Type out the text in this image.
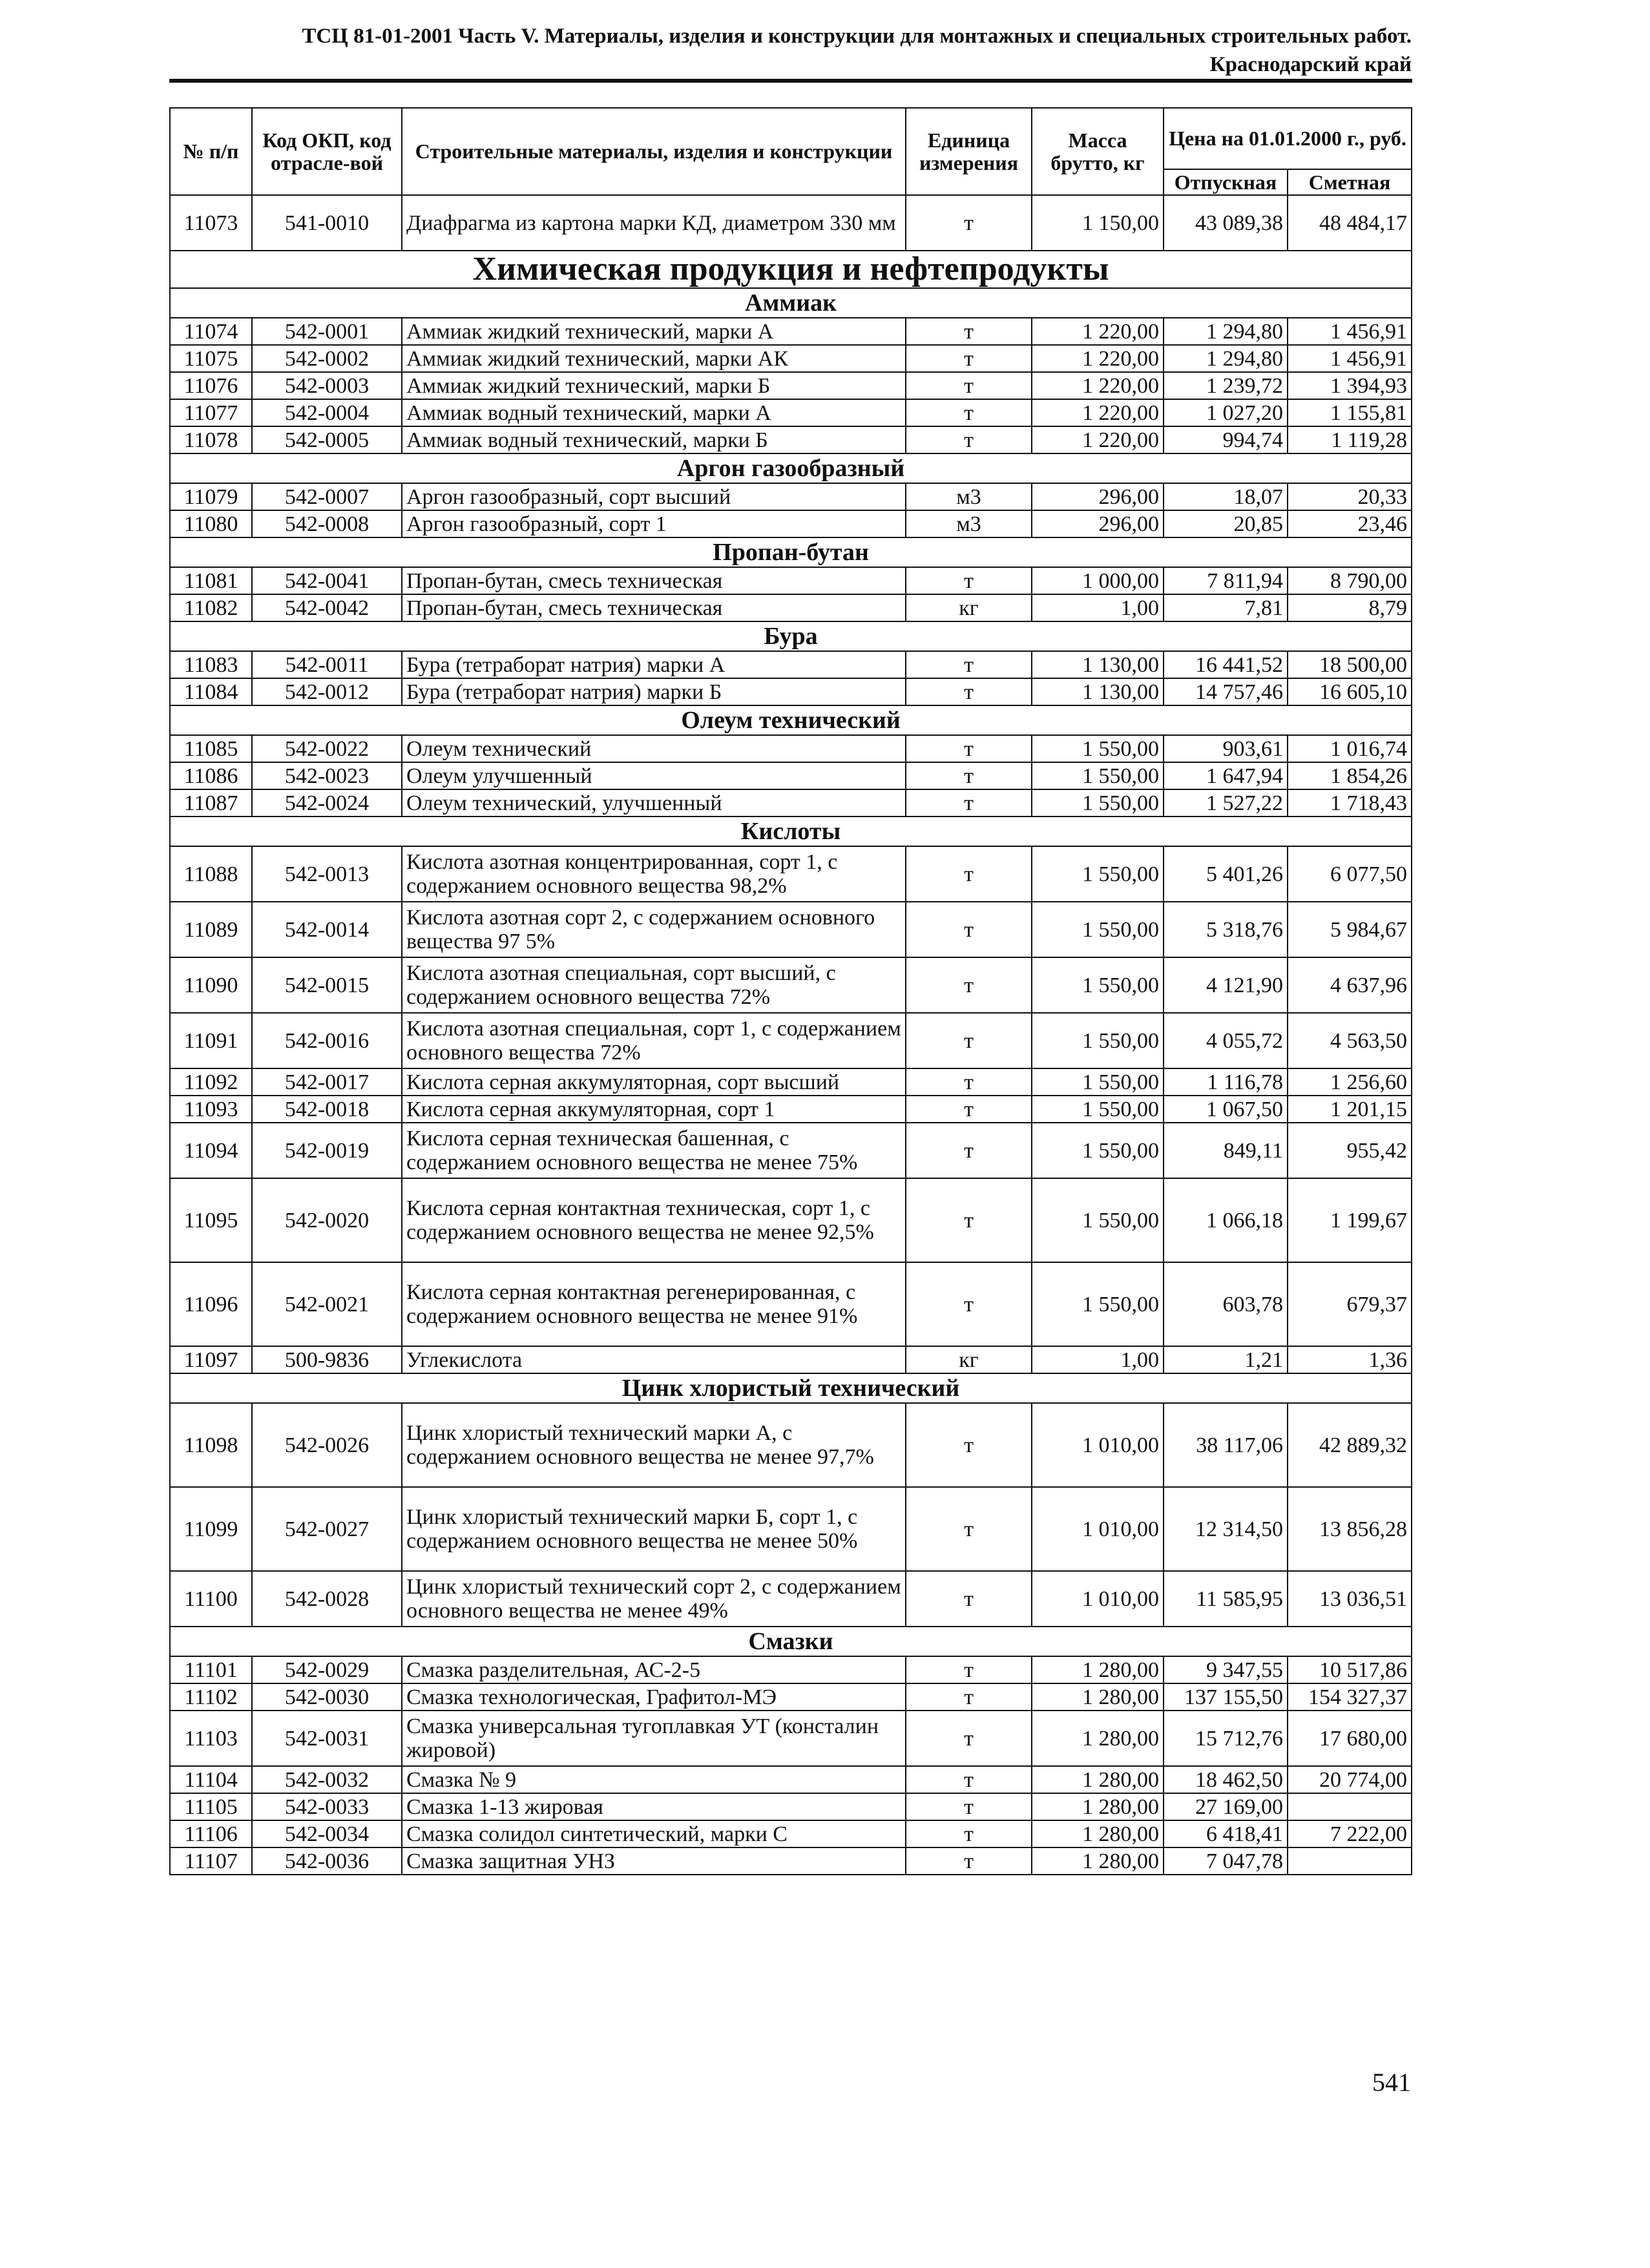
ТСЦ 81-01-2001 Часть V. Материалы, изделия и конструкции для монтажных и специальных строительных работ.
Краснодарский край
№ п/п	Код ОКП, код отрасле-вой	Строительные материалы, изделия и конструкции	Единица измерения	Масса брутто, кг	Цена на 01.01.2000 г., руб.	
					Отпускная	Сметная
11073	541-0010	Диафрагма из картона марки КД, диаметром 330 мм	т	1 150,00	43 089,38	48 484,17
Химическая продукция и нефтепродукты						
Аммиак						
11074	542-0001	Аммиак жидкий технический, марки А	т	1 220,00	1 294,80	1 456,91
11075	542-0002	Аммиак жидкий технический, марки АК	т	1 220,00	1 294,80	1 456,91
11076	542-0003	Аммиак жидкий технический, марки Б	т	1 220,00	1 239,72	1 394,93
11077	542-0004	Аммиак водный технический, марки А	т	1 220,00	1 027,20	1 155,81
11078	542-0005	Аммиак водный технический, марки Б	т	1 220,00	994,74	1 119,28
Аргон газообразный						
11079	542-0007	Аргон газообразный, сорт высший	м3	296,00	18,07	20,33
11080	542-0008	Аргон газообразный, сорт 1	м3	296,00	20,85	23,46
Пропан-бутан						
11081	542-0041	Пропан-бутан, смесь техническая	т	1 000,00	7 811,94	8 790,00
11082	542-0042	Пропан-бутан, смесь техническая	кг	1,00	7,81	8,79
Бура						
11083	542-0011	Бура (тетраборат натрия) марки А	т	1 130,00	16 441,52	18 500,00
11084	542-0012	Бура (тетраборат натрия) марки Б	т	1 130,00	14 757,46	16 605,10
Олеум технический						
11085	542-0022	Олеум технический	т	1 550,00	903,61	1 016,74
11086	542-0023	Олеум улучшенный	т	1 550,00	1 647,94	1 854,26
11087	542-0024	Олеум технический, улучшенный	т	1 550,00	1 527,22	1 718,43
Кислоты						
11088	542-0013	Кислота азотная концентрированная, сорт 1, с содержанием основного вещества 98,2%	т	1 550,00	5 401,26	6 077,50
11089	542-0014	Кислота азотная сорт 2, с содержанием основного вещества 97 5%	т	1 550,00	5 318,76	5 984,67
11090	542-0015	Кислота азотная специальная, сорт высший, с содержанием основного вещества 72%	т	1 550,00	4 121,90	4 637,96
11091	542-0016	Кислота азотная специальная, сорт 1, с содержанием основного вещества 72%	т	1 550,00	4 055,72	4 563,50
11092	542-0017	Кислота серная аккумуляторная, сорт высший	т	1 550,00	1 116,78	1 256,60
11093	542-0018	Кислота серная аккумуляторная, сорт 1	т	1 550,00	1 067,50	1 201,15
11094	542-0019	Кислота серная техническая башенная, с содержанием основного вещества не менее 75%	т	1 550,00	849,11	955,42
11095	542-0020	Кислота серная контактная техническая, сорт 1, с содержанием основного вещества не менее 92,5%	т	1 550,00	1 066,18	1 199,67
11096	542-0021	Кислота серная контактная регенерированная, с содержанием основного вещества не менее 91%	т	1 550,00	603,78	679,37
11097	500-9836	Углекислота	кг	1,00	1,21	1,36
Цинк хлористый технический						
11098	542-0026	Цинк хлористый технический марки А, с содержанием основного вещества не менее 97,7%	т	1 010,00	38 117,06	42 889,32
11099	542-0027	Цинк хлористый технический марки Б, сорт 1, с содержанием основного вещества не менее 50%	т	1 010,00	12 314,50	13 856,28
11100	542-0028	Цинк хлористый технический сорт 2, с содержанием основного вещества не менее 49%	т	1 010,00	11 585,95	13 036,51
Смазки						
11101	542-0029	Смазка разделительная, АС-2-5	т	1 280,00	9 347,55	10 517,86
11102	542-0030	Смазка технологическая, Графитол-МЭ	т	1 280,00	137 155,50	154 327,37
11103	542-0031	Смазка универсальная тугоплавкая УТ (консталин жировой)	т	1 280,00	15 712,76	17 680,00
11104	542-0032	Смазка № 9	т	1 280,00	18 462,50	20 774,00
11105	542-0033	Смазка 1-13 жировая	т	1 280,00	27 169,00	
11106	542-0034	Смазка солидол синтетический, марки С	т	1 280,00	6 418,41	7 222,00
11107	542-0036	Смазка защитная УНЗ	т	1 280,00	7 047,78	
541
